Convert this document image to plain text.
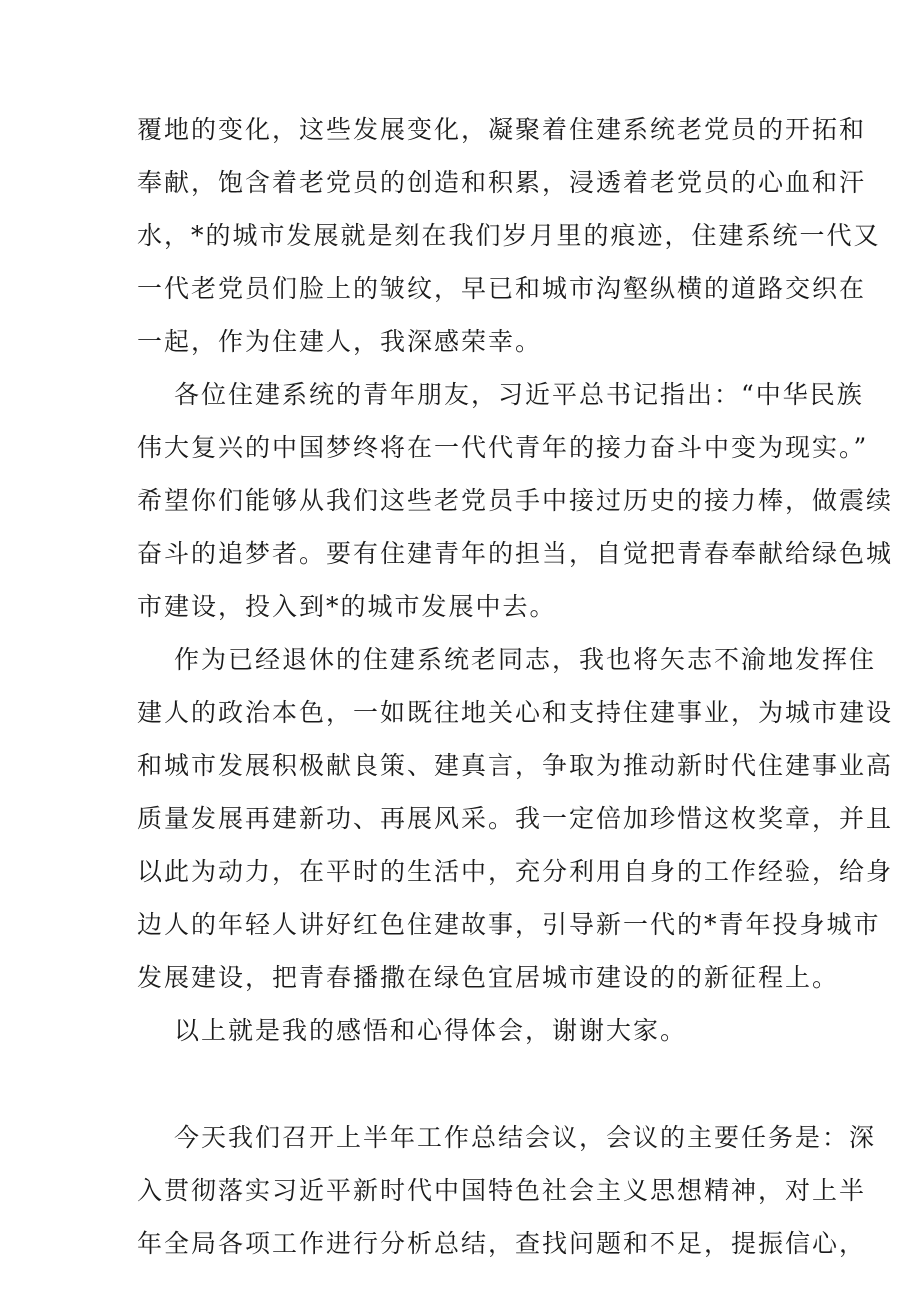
覆地的变化，这些发展变化，凝聚着住建系统老党员的开拓和
奉献，饱含着老党员的创造和积累，浸透着老党员的心血和汗
水，*的城市发展就是刻在我们岁月里的痕迹，住建系统一代又
一代老党员们脸上的皱纹，早已和城市沟壑纵横的道路交织在
一起，作为住建人，我深感荣幸。
各位住建系统的青年朋友，习近平总书记指出：“中华民族
伟大复兴的中国梦终将在一代代青年的接力奋斗中变为现实。”
希望你们能够从我们这些老党员手中接过历史的接力棒，做震续
奋斗的追梦者。要有住建青年的担当，自觉把青春奉献给绿色城
市建设，投入到*的城市发展中去。
作为已经退休的住建系统老同志，我也将矢志不渝地发挥住
建人的政治本色，一如既往地关心和支持住建事业，为城市建设
和城市发展积极献良策、建真言，争取为推动新时代住建事业高
质量发展再建新功、再展风采。我一定倍加珍惜这枚奖章，并且
以此为动力，在平时的生活中，充分利用自身的工作经验，给身
边人的年轻人讲好红色住建故事，引导新一代的*青年投身城市
发展建设，把青春播撒在绿色宜居城市建设的的新征程上。
以上就是我的感悟和心得体会，谢谢大家。
今天我们召开上半年工作总结会议，会议的主要任务是：深
入贯彻落实习近平新时代中国特色社会主义思想精神，对上半
年全局各项工作进行分析总结，查找问题和不足，提振信心，
